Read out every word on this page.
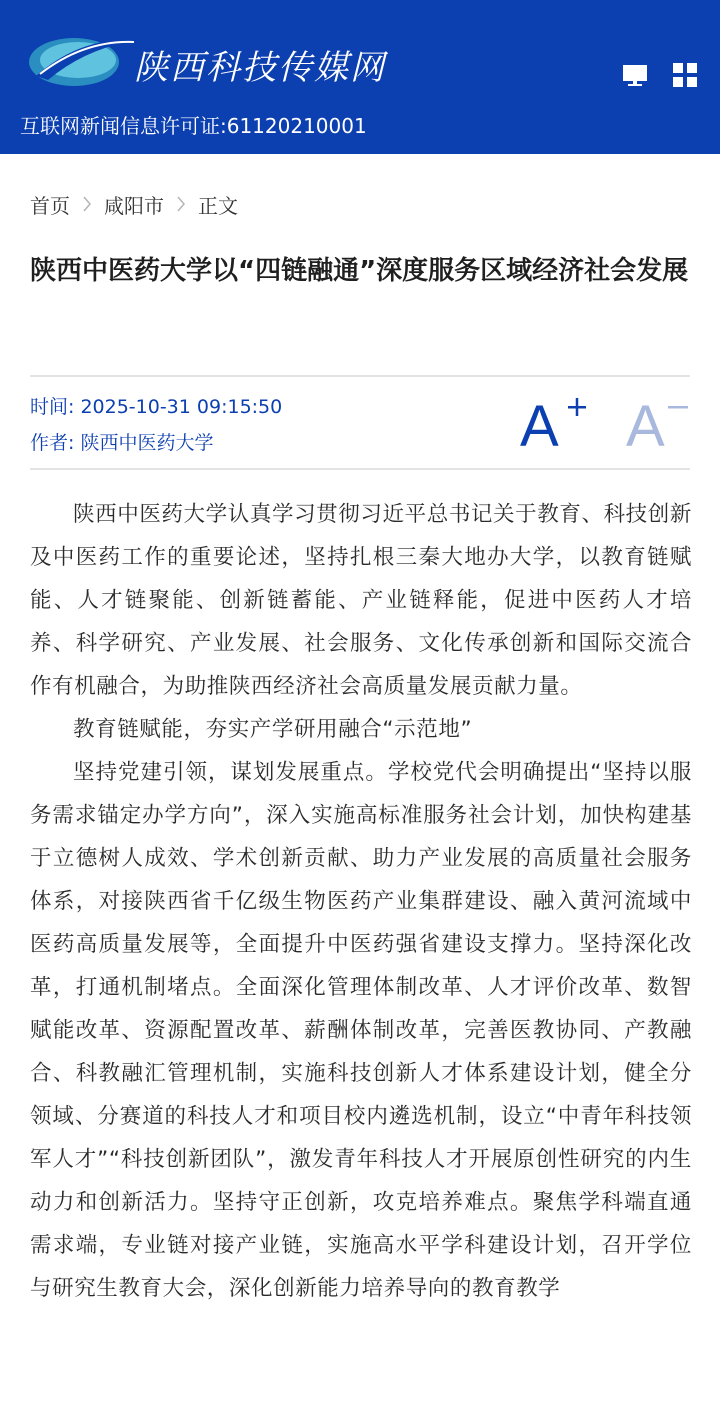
陕西科技传媒网
互联网新闻信息许可证:61120210001
首页 咸阳市 正文
陕西中医药大学以“四链融通”深度服务区域经济社会发展
时间: 2025-10-31 09:15:50
作者: 陕西中医药大学	A A

陕西中医药大学认真学习贯彻习近平总书记关于教育、科技创新及中医药工作的重要论述，坚持扎根三秦大地办大学，以教育链赋能、人才链聚能、创新链蓄能、产业链释能，促进中医药人才培养、科学研究、产业发展、社会服务、文化传承创新和国际交流合作有机融合，为助推陕西经济社会高质量发展贡献力量。

教育链赋能，夯实产学研用融合“示范地”

坚持党建引领，谋划发展重点。学校党代会明确提出“坚持以服务需求锚定办学方向”，深入实施高标准服务社会计划，加快构建基于立德树人成效、学术创新贡献、助力产业发展的高质量社会服务体系，对接陕西省千亿级生物医药产业集群建设、融入黄河流域中医药高质量发展等，全面提升中医药强省建设支撑力。坚持深化改革，打通机制堵点。全面深化管理体制改革、人才评价改革、数智赋能改革、资源配置改革、薪酬体制改革，完善医教协同、产教融合、科教融汇管理机制，实施科技创新人才体系建设计划，健全分领域、分赛道的科技人才和项目校内遴选机制，设立“中青年科技领军人才”“科技创新团队”，激发青年科技人才开展原创性研究的内生动力和创新活力。坚持守正创新，攻克培养难点。聚焦学科端直通需求端，专业链对接产业链，实施高水平学科建设计划，召开学位与研究生教育大会，深化创新能力培养导向的教育教学
